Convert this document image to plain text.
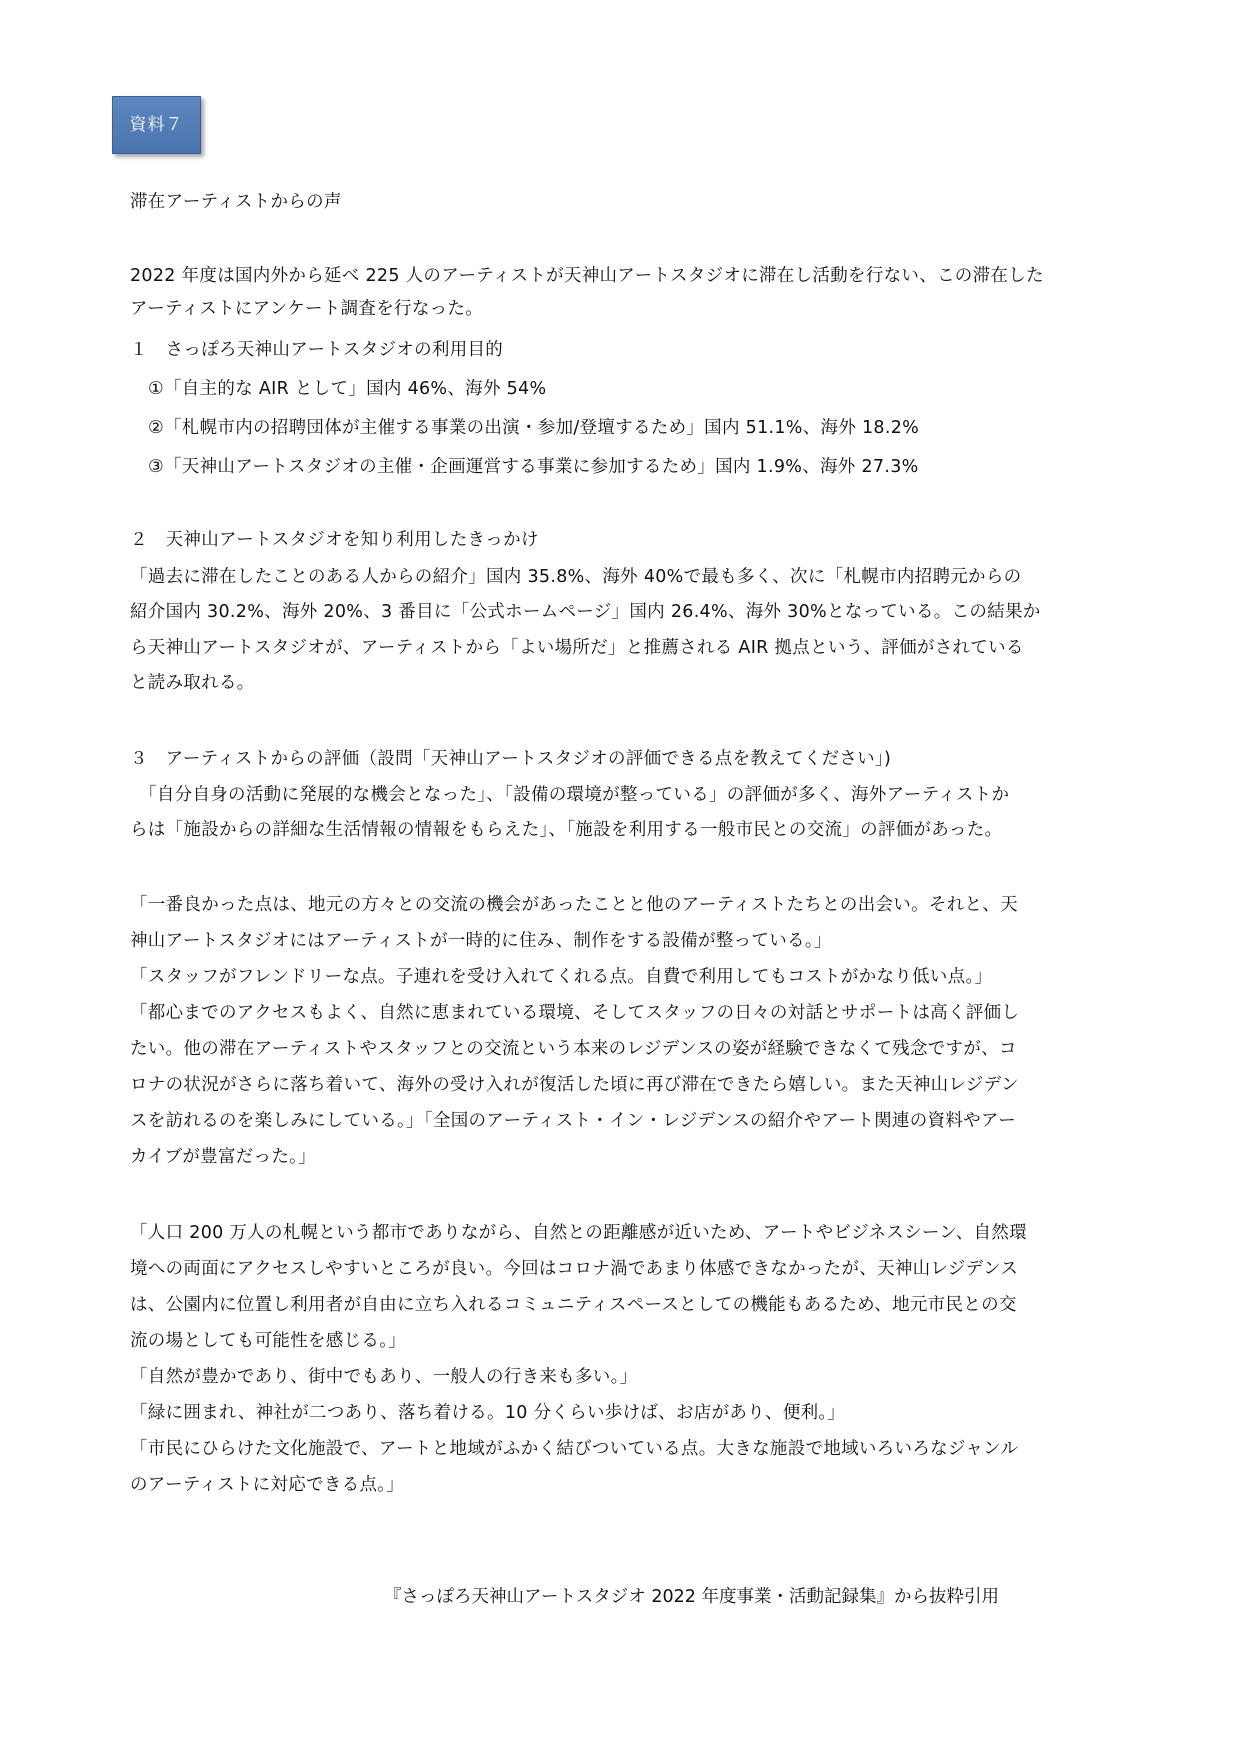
資料７
滞在アーティストからの声
2022 年度は国内外から延べ 225 人のアーティストが天神山アートスタジオに滞在し活動を行ない、この滞在した
アーティストにアンケート調査を行なった。
１　さっぽろ天神山アートスタジオの利用目的
①「自主的な AIR として」国内 46%、海外 54%
②「札幌市内の招聘団体が主催する事業の出演・参加/登壇するため」国内 51.1%、海外 18.2%
③「天神山アートスタジオの主催・企画運営する事業に参加するため」国内 1.9%、海外 27.3%
２　天神山アートスタジオを知り利用したきっかけ
「過去に滞在したことのある人からの紹介」国内 35.8%、海外 40%で最も多く、次に「札幌市内招聘元からの
紹介国内 30.2%、海外 20%、3 番目に「公式ホームページ」国内 26.4%、海外 30%となっている。この結果か
ら天神山アートスタジオが、アーティストから「よい場所だ」と推薦される AIR 拠点という、評価がされている
と読み取れる。
３　アーティストからの評価（設問「天神山アートスタジオの評価できる点を教えてください」)
　「自分自身の活動に発展的な機会となった」、「設備の環境が整っている」の評価が多く、海外アーティストか
らは「施設からの詳細な生活情報の情報をもらえた」、「施設を利用する一般市民との交流」の評価があった。
「一番良かった点は、地元の方々との交流の機会があったことと他のアーティストたちとの出会い。それと、天
神山アートスタジオにはアーティストが一時的に住み、制作をする設備が整っている。」
「スタッフがフレンドリーな点。子連れを受け入れてくれる点。自費で利用してもコストがかなり低い点。」
「都心までのアクセスもよく、自然に恵まれている環境、そしてスタッフの日々の対話とサポートは高く評価し
たい。他の滞在アーティストやスタッフとの交流という本来のレジデンスの姿が経験できなくて残念ですが、コ
ロナの状況がさらに落ち着いて、海外の受け入れが復活した頃に再び滞在できたら嬉しい。また天神山レジデン
スを訪れるのを楽しみにしている。」「全国のアーティスト・イン・レジデンスの紹介やアート関連の資料やアー
カイブが豊富だった。」
「人口 200 万人の札幌という都市でありながら、自然との距離感が近いため、アートやビジネスシーン、自然環
境への両面にアクセスしやすいところが良い。今回はコロナ渦であまり体感できなかったが、天神山レジデンス
は、公園内に位置し利用者が自由に立ち入れるコミュニティスペースとしての機能もあるため、地元市民との交
流の場としても可能性を感じる。」
「自然が豊かであり、街中でもあり、一般人の行き来も多い。」
「緑に囲まれ、神社が二つあり、落ち着ける。10 分くらい歩けば、お店があり、便利。」
「市民にひらけた文化施設で、アートと地域がふかく結びついている点。大きな施設で地域いろいろなジャンル
のアーティストに対応できる点。」
『さっぽろ天神山アートスタジオ 2022 年度事業・活動記録集』から抜粋引用
